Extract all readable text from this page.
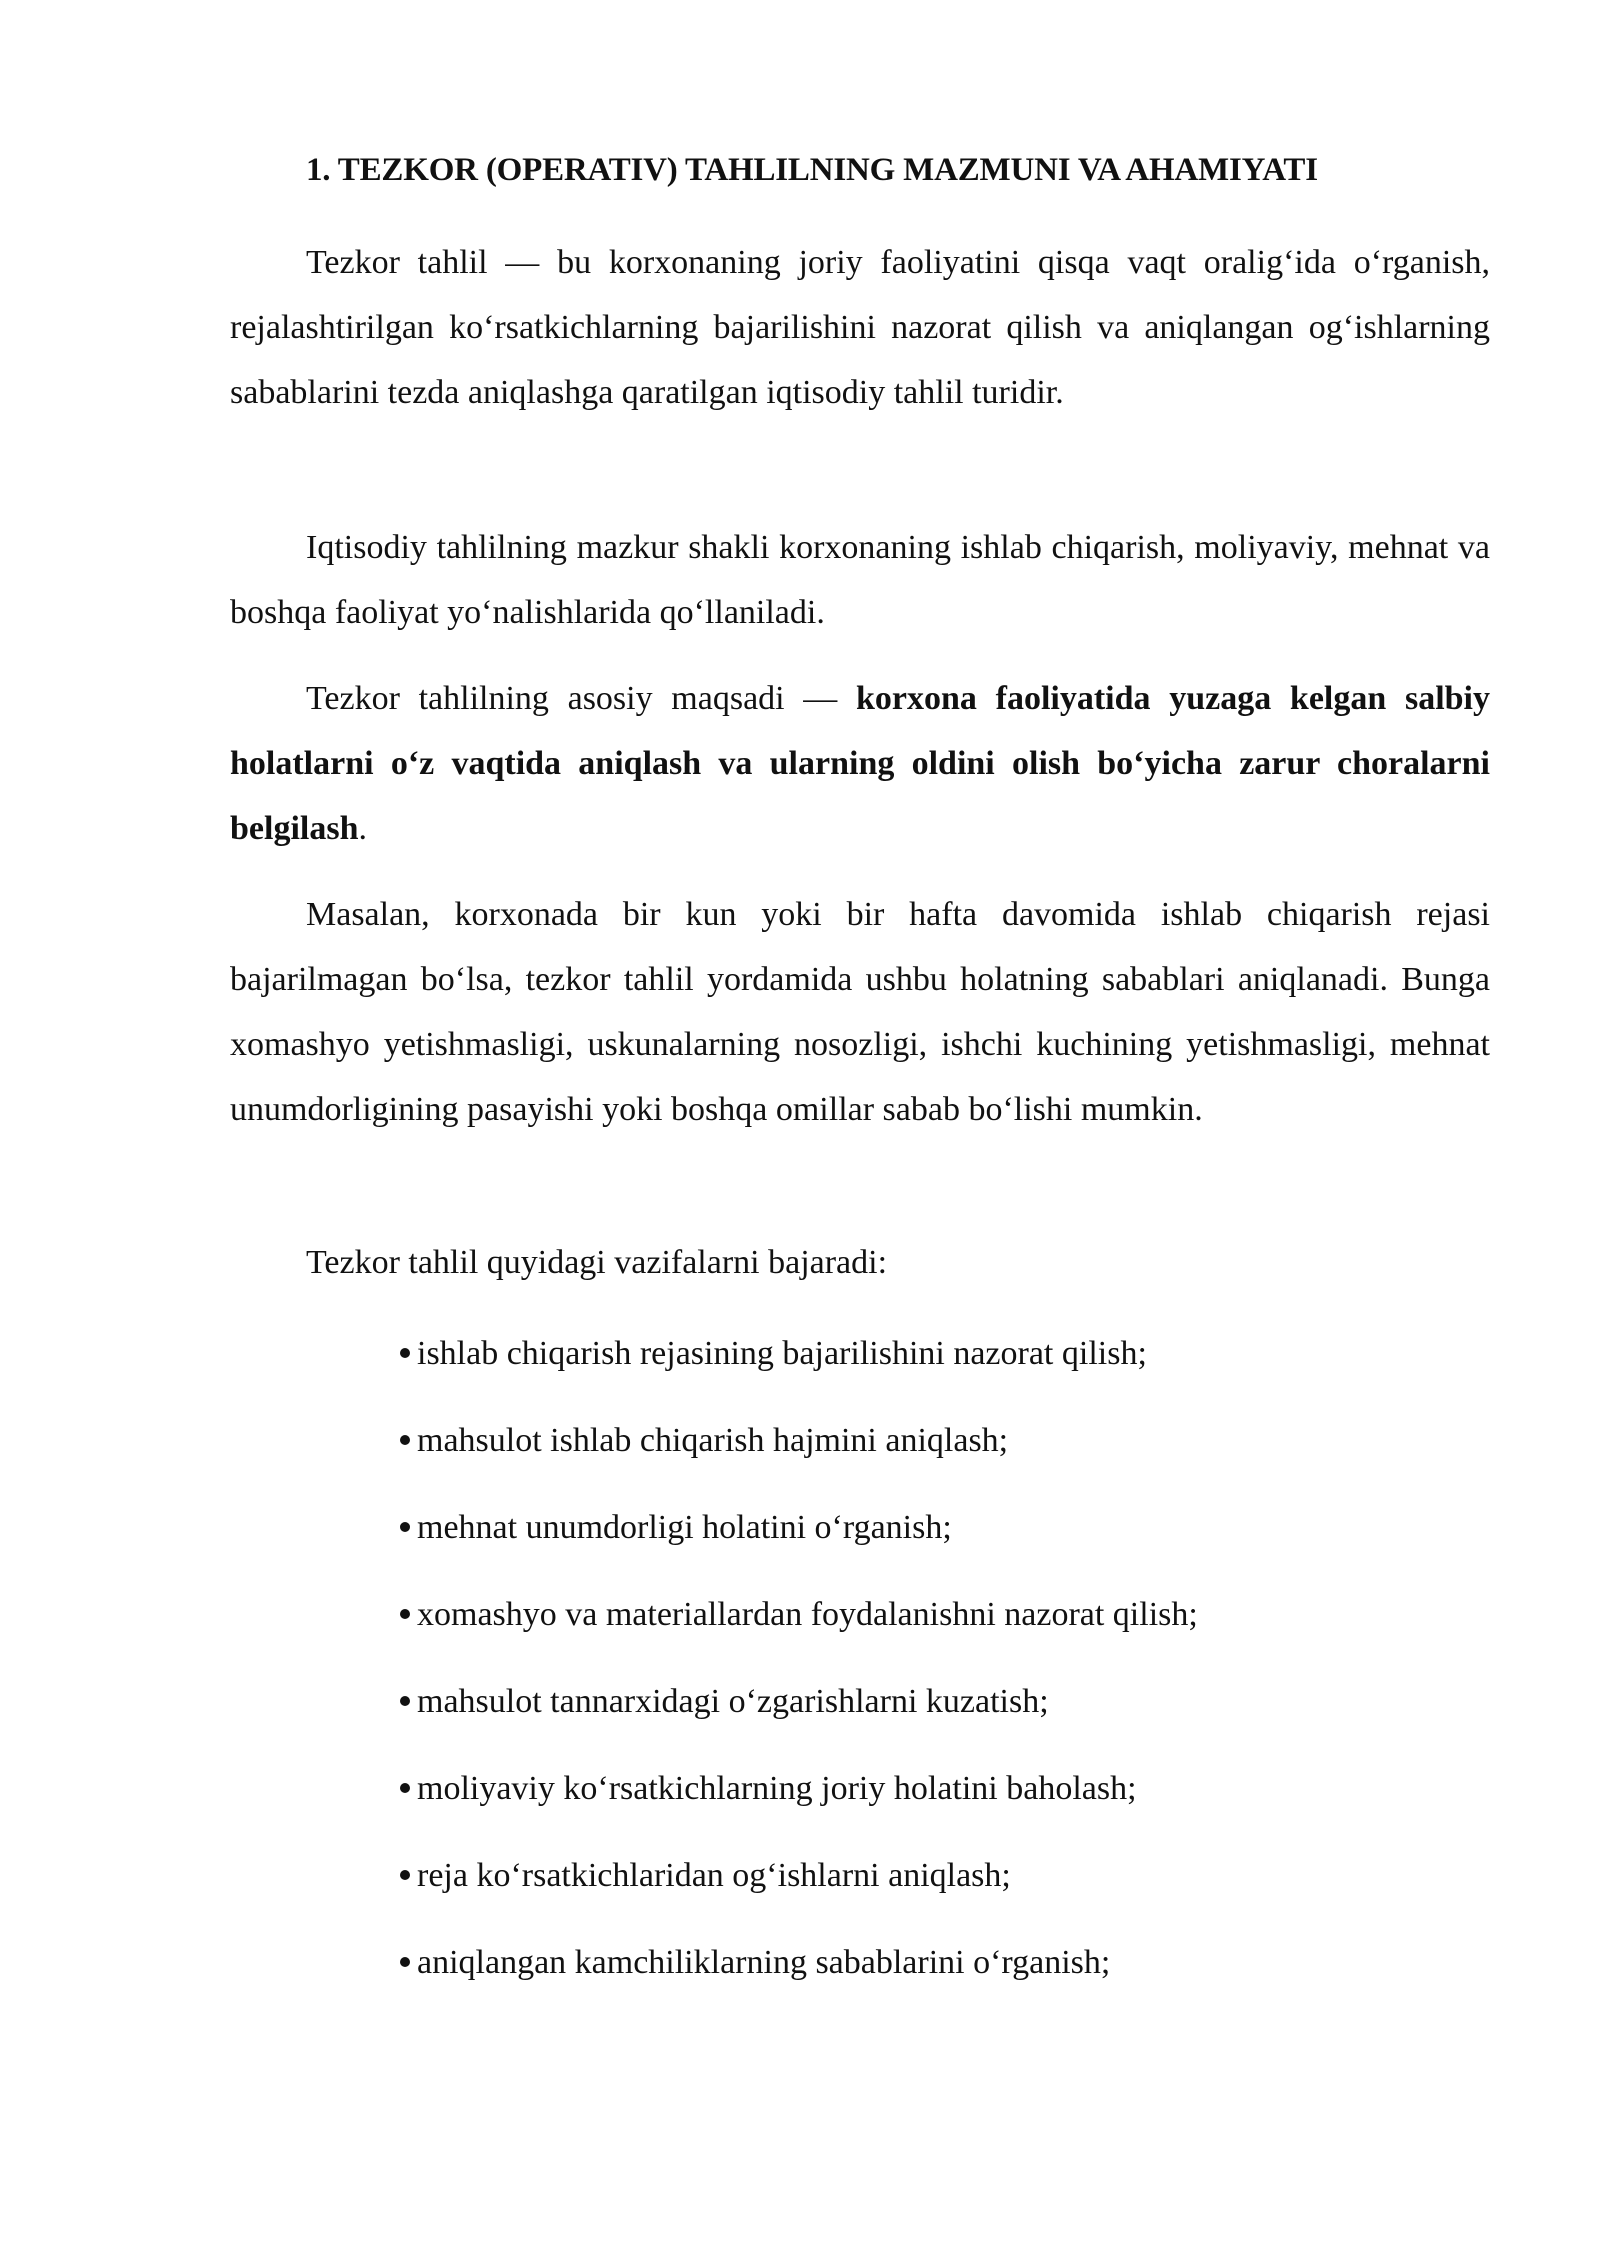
1. TEZKOR (OPERATIV) TAHLILNING MAZMUNI VA AHAMIYATI

Tezkor tahlil — bu korxonaning joriy faoliyatini qisqa vaqt oralig‘ida o‘rganish, rejalashtirilgan ko‘rsatkichlarning bajarilishini nazorat qilish va aniqlangan og‘ishlarning sabablarini tezda aniqlashga qaratilgan iqtisodiy tahlil turidir.

Iqtisodiy tahlilning mazkur shakli korxonaning ishlab chiqarish, moliyaviy, mehnat va boshqa faoliyat yo‘nalishlarida qo‘llaniladi.

Tezkor tahlilning asosiy maqsadi — korxona faoliyatida yuzaga kelgan salbiy holatlarni o‘z vaqtida aniqlash va ularning oldini olish bo‘yicha zarur choralarni belgilash.

Masalan, korxonada bir kun yoki bir hafta davomida ishlab chiqarish rejasi bajarilmagan bo‘lsa, tezkor tahlil yordamida ushbu holatning sabablari aniqlanadi. Bunga xomashyo yetishmasligi, uskunalarning nosozligi, ishchi kuchining yetishmasligi, mehnat unumdorligining pasayishi yoki boshqa omillar sabab bo‘lishi mumkin.

Tezkor tahlil quyidagi vazifalarni bajaradi:

ishlab chiqarish rejasining bajarilishini nazorat qilish;
mahsulot ishlab chiqarish hajmini aniqlash;
mehnat unumdorligi holatini o‘rganish;
xomashyo va materiallardan foydalanishni nazorat qilish;
mahsulot tannarxidagi o‘zgarishlarni kuzatish;
moliyaviy ko‘rsatkichlarning joriy holatini baholash;
reja ko‘rsatkichlaridan og‘ishlarni aniqlash;
aniqlangan kamchiliklarning sabablarini o‘rganish;
